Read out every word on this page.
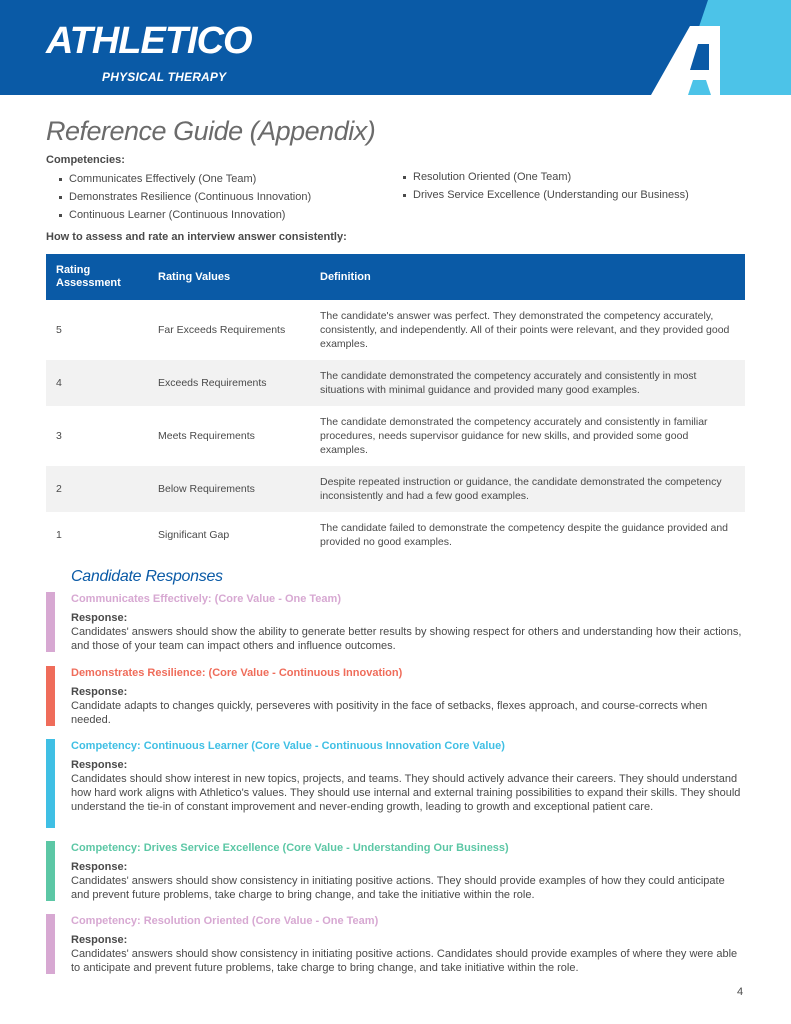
ATHLETICO
PHYSICAL THERAPY
Reference Guide (Appendix)
Competencies:
Communicates Effectively (One Team)
Demonstrates Resilience (Continuous Innovation)
Continuous Learner (Continuous Innovation)
Resolution Oriented (One Team)
Drives Service Excellence (Understanding our Business)
How to assess and rate an interview answer consistently:
Rating Assessment	Rating Values	Definition
5	Far Exceeds Requirements	The candidate's answer was perfect. They demonstrated the competency accurately, consistently, and independently. All of their points were relevant, and they provided good examples.
4	Exceeds Requirements	The candidate demonstrated the competency accurately and consistently in most situations with minimal guidance and provided many good examples.
3	Meets Requirements	The candidate demonstrated the competency accurately and consistently in familiar procedures, needs supervisor guidance for new skills, and provided some good examples.
2	Below Requirements	Despite repeated instruction or guidance, the candidate demonstrated the competency inconsistently and had a few good examples.
1	Significant Gap	The candidate failed to demonstrate the competency despite the guidance provided and provided no good examples.
Candidate Responses
Communicates Effectively: (Core Value - One Team)
Response:
Candidates' answers should show the ability to generate better results by showing respect for others and understanding how their actions, and those of your team can impact others and influence outcomes.
Demonstrates Resilience: (Core Value - Continuous Innovation)
Response:
Candidate adapts to changes quickly, perseveres with positivity in the face of setbacks, flexes approach, and course-corrects when needed.
Competency: Continuous Learner (Core Value - Continuous Innovation Core Value)
Response:
Candidates should show interest in new topics, projects, and teams. They should actively advance their careers. They should understand how hard work aligns with Athletico's values. They should use internal and external training possibilities to expand their skills. They should understand the tie-in of constant improvement and never-ending growth, leading to growth and exceptional patient care.
Competency: Drives Service Excellence (Core Value - Understanding Our Business)
Response:
Candidates' answers should show consistency in initiating positive actions. They should provide examples of how they could anticipate and prevent future problems, take charge to bring change, and take the initiative within the role.
Competency: Resolution Oriented (Core Value - One Team)
Response:
Candidates' answers should show consistency in initiating positive actions. Candidates should provide examples of where they were able to anticipate and prevent future problems, take charge to bring change, and take initiative within the role.
4
